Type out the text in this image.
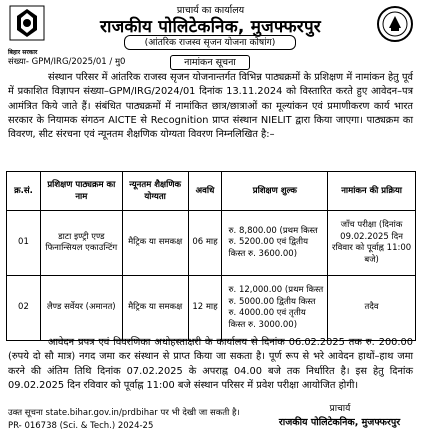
बिहार सरकार
प्राचार्य का कार्यालय
राजकीय पोलिटेकनिक, मुजफ्फरपुर
(आंतरिक राजस्व सृजन योजना कोषांग)
संख्या- GPM/IRG/2025/01 / मु0	नामांकन सूचना
संस्थान परिसर में आंतरिक राजस्व सृजन योजनान्तर्गत विभिन्न पाठ्यक्रमों के प्रशिक्षण में नामांकन हेतु पूर्व में प्रकाशित विज्ञापन संख्या–GPM/IRG/2024/01 दिनांक 13.11.2024 को विस्तारित करते हुए आवेदन–पत्र आमंत्रित किये जाते हैं। संबंधित पाठ्यक्रमों में नामांकित छात्र/छात्राओं का मूल्यांकन एवं प्रमाणीकरण कार्य भारत सरकार के नियामक संगठन AICTE से Recognition प्राप्त संस्थान NIELIT द्वारा किया जाएगा। पाठ्यक्रम का विवरण, सीट संरचना एवं न्यूनतम शैक्षणिक योग्यता विवरण निम्नलिखित है:–
क्र.सं.	प्रशिक्षण पाठ्यक्रम का नाम	न्यूनतम शैक्षणिक योग्यता	अवधि	प्रशिक्षण शुल्क	नामांकन की प्रक्रिया
01	डाटा इण्ट्री एण्ड फिनान्सियल एकाउन्टिंग	मैट्रिक या समकक्ष	06 माह	रु. 8,800.00 (प्रथम किस्त
रु. 5200.00 एवं द्वितीय
किस्त रु. 3600.00)	जाँच परीक्षा (दिनांक 09.02.2025 दिन रविवार को पूर्वाह्न 11:00 बजे)
02	लैण्ड सर्वेयर (अमानत)	मैट्रिक या समकक्ष	12 माह	रु. 12,000.00 (प्रथम किस्त
रु. 5000.00 द्वितीय किस्त
रु. 4000.00 एवं तृतीय
किस्त रु. 3000.00)	तदैव
आवेदन प्रपत्र एवं विवरणिका अधोहस्ताक्षरी के कार्यालय से दिनांक 06.02.2025 तक रु. 200.00 (रुपये दो सौ मात्र) नगद जमा कर संस्थान से प्राप्त किया जा सकता है। पूर्ण रूप से भरे आवेदन हाथों–हाथ जमा करने की अंतिम तिथि दिनांक 07.02.2025 के अपराह्न 04.00 बजे तक निर्धारित है। इस हेतु दिनांक 09.02.2025 दिन रविवार को पूर्वाह्न 11:00 बजे संस्थान परिसर में प्रवेश परीक्षा आयोजित होगी।
उक्त सूचना state.bihar.gov.in/prdbihar पर भी देखी जा सकती है।
PR- 016738 (Sci. & Tech.) 2024-25
प्राचार्य
राजकीय पोलिटेकनिक, मुजफ्फरपुर
